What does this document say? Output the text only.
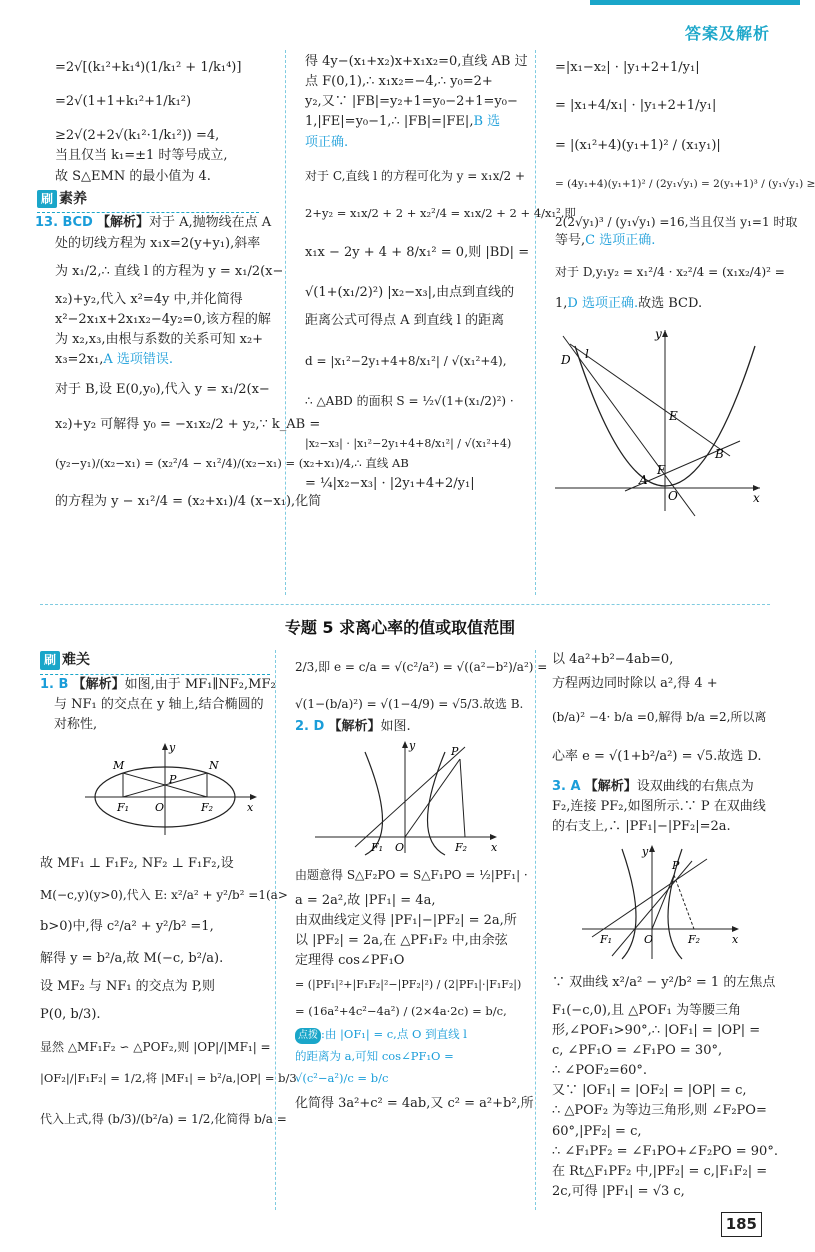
答案及解析

=2√[(k₁²+k₁⁴)(1/k₁² + 1/k₁⁴)]

=2√(1+1+k₁²+1/k₁²)

≥2√(2+2√(k₁²·1/k₁²)) =4,

当且仅当 k₁=±1 时等号成立,

故 S△EMN 的最小值为 4.

刷 素养

13. BCD 【解析】对于 A,抛物线在点 A

处的切线方程为 x₁x=2(y+y₁),斜率

为 x₁/2,∴ 直线 l 的方程为 y = x₁/2(x−

x₂)+y₂,代入 x²=4y 中,并化简得

x²−2x₁x+2x₁x₂−4y₂=0,该方程的解

为 x₂,x₃,由根与系数的关系可知 x₂+

x₃=2x₁,A 选项错误.

对于 B,设 E(0,y₀),代入 y = x₁/2(x−

x₂)+y₂ 可解得 y₀ = −x₁x₂/2 + y₂,∵ k_AB =

(y₂−y₁)/(x₂−x₁) = (x₂²/4 − x₁²/4)/(x₂−x₁) = (x₂+x₁)/4,∴ 直线 AB

的方程为 y − x₁²/4 = (x₂+x₁)/4 (x−x₁),化简

得 4y−(x₁+x₂)x+x₁x₂=0,直线 AB 过

点 F(0,1),∴ x₁x₂=−4,∴ y₀=2+

y₂,又∵ |FB|=y₂+1=y₀−2+1=y₀−

1,|FE|=y₀−1,∴ |FB|=|FE|,B 选

项正确.

对于 C,直线 l 的方程可化为 y = x₁x/2 +

2+y₂ = x₁x/2 + 2 + x₂²/4 = x₁x/2 + 2 + 4/x₁²,即

x₁x − 2y + 4 + 8/x₁² = 0,则 |BD| =

√(1+(x₁/2)²) |x₂−x₃|,由点到直线的

距离公式可得点 A 到直线 l 的距离

d = |x₁²−2y₁+4+8/x₁²| / √(x₁²+4),

∴ △ABD 的面积 S = ½√(1+(x₁/2)²) ·

|x₂−x₃| · |x₁²−2y₁+4+8/x₁²| / √(x₁²+4)

= ¼|x₂−x₃| · |2y₁+4+2/y₁|

=|x₁−x₂| · |y₁+2+1/y₁|

= |x₁+4/x₁| · |y₁+2+1/y₁|

= |(x₁²+4)(y₁+1)² / (x₁y₁)|

= (4y₁+4)(y₁+1)² / (2y₁√y₁) = 2(y₁+1)³ / (y₁√y₁) ≥

2(2√y₁)³ / (y₁√y₁) =16,当且仅当 y₁=1 时取

等号,C 选项正确.

对于 D,y₁y₂ = x₁²/4 · x₂²/4 = (x₁x₂/4)² =

1,D 选项正确.故选 BCD.

D l
y
E
F
A
O
B
x
专题 5 求离心率的值或取值范围
刷 难关

1. B 【解析】如图,由于 MF₁∥NF₂,MF₂

与 NF₁ 的交点在 y 轴上,结合椭圆的

对称性,

y
M	N
P
F₁ O	F₂	x

故 MF₁ ⊥ F₁F₂, NF₂ ⊥ F₁F₂,设

M(−c,y)(y>0),代入 E: x²/a² + y²/b² =1(a>

b>0)中,得 c²/a² + y²/b² =1,

解得 y = b²/a,故 M(−c, b²/a).

设 MF₂ 与 NF₁ 的交点为 P,则

P(0, b/3).

显然 △MF₁F₂ ∽ △POF₂,则 |OP|/|MF₁| =

|OF₂|/|F₁F₂| = 1/2,将 |MF₁| = b²/a,|OP| = b/3

代入上式,得 (b/3)/(b²/a) = 1/2,化简得 b/a =

2/3,即 e = c/a = √(c²/a²) = √((a²−b²)/a²) =

√(1−(b/a)²) = √(1−4/9) = √5/3.故选 B.

2. D 【解析】如图.

y	P
F₁ O	F₂ x

由题意得 S△F₂PO = S△F₁PO = ½|PF₁| ·

a = 2a²,故 |PF₁| = 4a,

由双曲线定义得 |PF₁|−|PF₂| = 2a,所

以 |PF₂| = 2a,在 △PF₁F₂ 中,由余弦

定理得 cos∠PF₁O

= (|PF₁|²+|F₁F₂|²−|PF₂|²) / (2|PF₁|·|F₁F₂|)

= (16a²+4c²−4a²) / (2×4a·2c) = b/c,

点拨 :由 |OF₁| = c,点 O 到直线 l

的距离为 a,可知 cos∠PF₁O =

√(c²−a²)/c = b/c

化简得 3a²+c² = 4ab,又 c² = a²+b²,所

以 4a²+b²−4ab=0,

方程两边同时除以 a²,得 4 +

(b/a)² −4· b/a =0,解得 b/a =2,所以离

心率 e = √(1+b²/a²) = √5.故选 D.

3. A 【解析】设双曲线的右焦点为

F₂,连接 PF₂,如图所示.∵ P 在双曲线

的右支上,∴ |PF₁|−|PF₂|=2a.

y
P
F₁	O	F₂	x

∵ 双曲线 x²/a² − y²/b² = 1 的左焦点

F₁(−c,0),且 △POF₁ 为等腰三角

形,∠POF₁>90°,∴ |OF₁| = |OP| =

c, ∠PF₁O = ∠F₁PO = 30°,

∴ ∠POF₂=60°.

又∵ |OF₁| = |OF₂| = |OP| = c,

∴ △POF₂ 为等边三角形,则 ∠F₂PO=

60°,|PF₂| = c,

∴ ∠F₁PF₂ = ∠F₁PO+∠F₂PO = 90°.

在 Rt△F₁PF₂ 中,|PF₂| = c,|F₁F₂| =

2c,可得 |PF₁| = √3 c,

185
